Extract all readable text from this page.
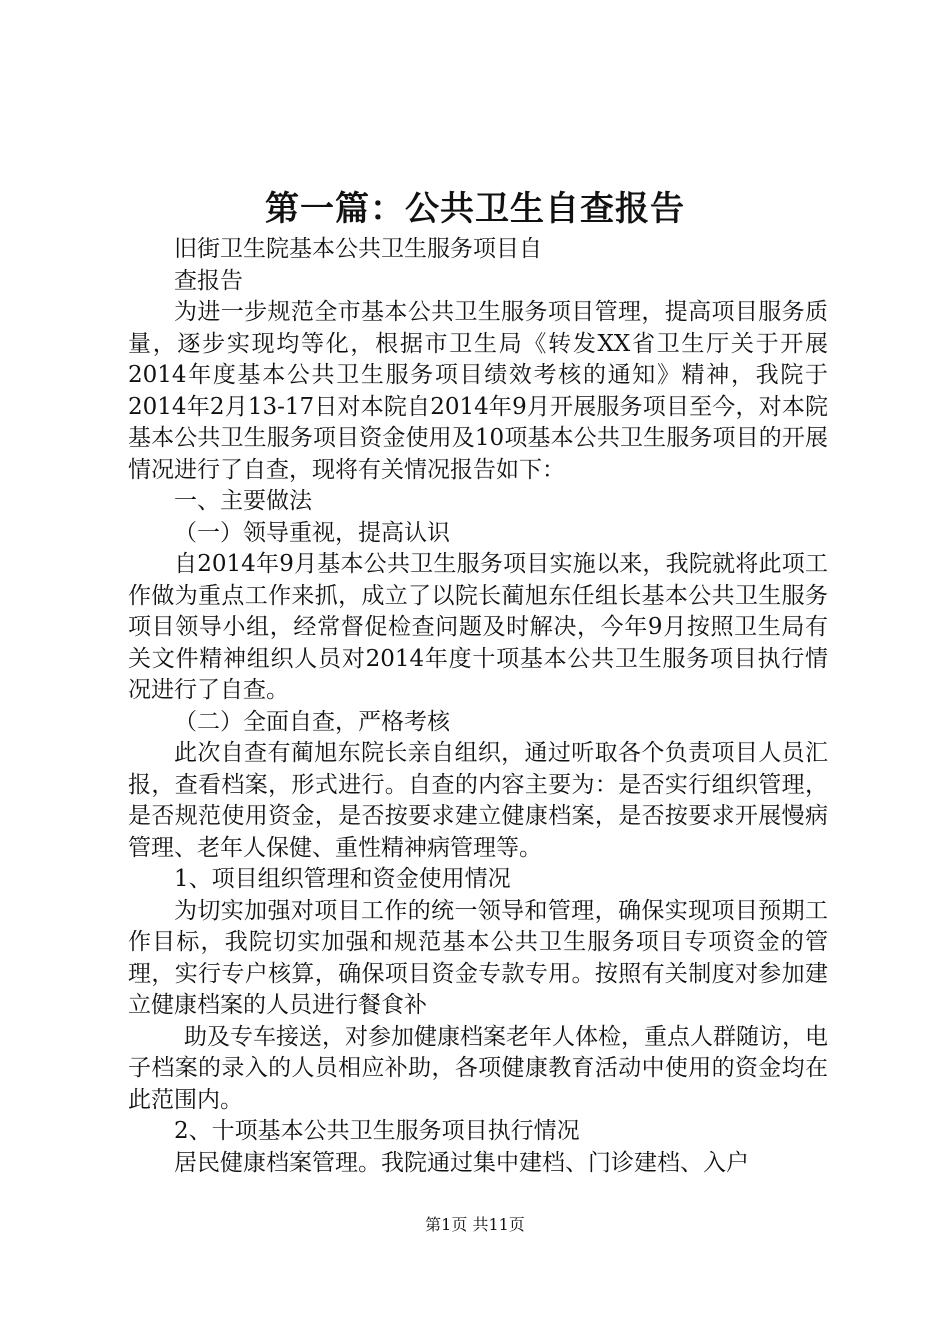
第一篇：公共卫生自查报告

旧街卫生院基本公共卫生服务项目自

查报告

为进一步规范全市基本公共卫生服务项目管理，提高项目服务质量，逐步实现均等化，根据市卫生局《转发XX省卫生厅关于开展2014年度基本公共卫生服务项目绩效考核的通知》精神，我院于2014年2月13-17日对本院自2014年9月开展服务项目至今，对本院基本公共卫生服务项目资金使用及10项基本公共卫生服务项目的开展情况进行了自查，现将有关情况报告如下：

一、主要做法

（一）领导重视，提高认识

自2014年9月基本公共卫生服务项目实施以来，我院就将此项工作做为重点工作来抓，成立了以院长蔺旭东任组长基本公共卫生服务项目领导小组，经常督促检查问题及时解决，今年9月按照卫生局有关文件精神组织人员对2014年度十项基本公共卫生服务项目执行情况进行了自查。

（二）全面自查，严格考核

此次自查有蔺旭东院长亲自组织，通过听取各个负责项目人员汇报，查看档案，形式进行。自查的内容主要为：是否实行组织管理，是否规范使用资金，是否按要求建立健康档案，是否按要求开展慢病管理、老年人保健、重性精神病管理等。

1、项目组织管理和资金使用情况

为切实加强对项目工作的统一领导和管理，确保实现项目预期工作目标，我院切实加强和规范基本公共卫生服务项目专项资金的管理，实行专户核算，确保项目资金专款专用。按照有关制度对参加建立健康档案的人员进行餐食补

助及专车接送，对参加健康档案老年人体检，重点人群随访，电子档案的录入的人员相应补助，各项健康教育活动中使用的资金均在此范围内。

2、十项基本公共卫生服务项目执行情况

居民健康档案管理。我院通过集中建档、门诊建档、入户

第1页 共11页
